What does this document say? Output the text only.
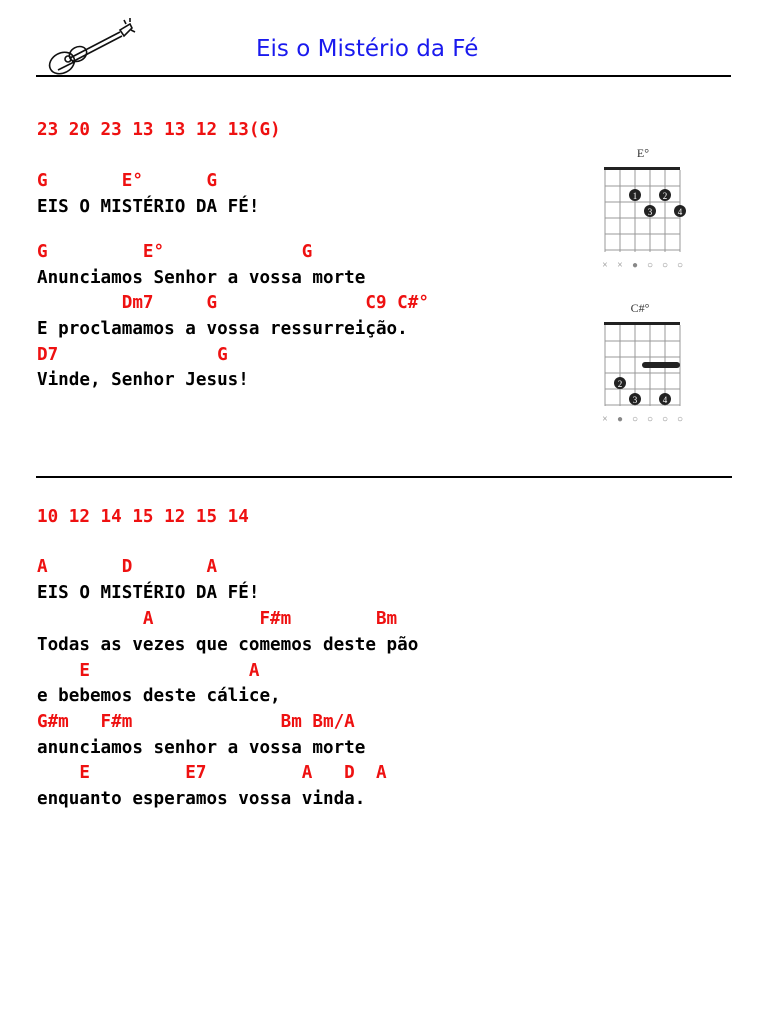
Eis o Mistério da Fé
23 20 23 13 13 12 13(G)
G       E°      G
EIS O MISTÉRIO DA FÉ!
G         E°             G
Anunciamos Senhor a vossa morte
Dm7     G              C9 C#°
E proclamamos a vossa ressurreição.
D7               G
Vinde, Senhor Jesus!
E°
1	2
3	4
× × ● ○ ○ ○
C#°
2
3	4
× ● ○ ○ ○ ○
10 12 14 15 12 15 14
A       D       A
EIS O MISTÉRIO DA FÉ!
A          F#m        Bm
Todas as vezes que comemos deste pão
E               A
e bebemos deste cálice,
G#m   F#m              Bm Bm/A
anunciamos senhor a vossa morte
E         E7         A   D  A
enquanto esperamos vossa vinda.
